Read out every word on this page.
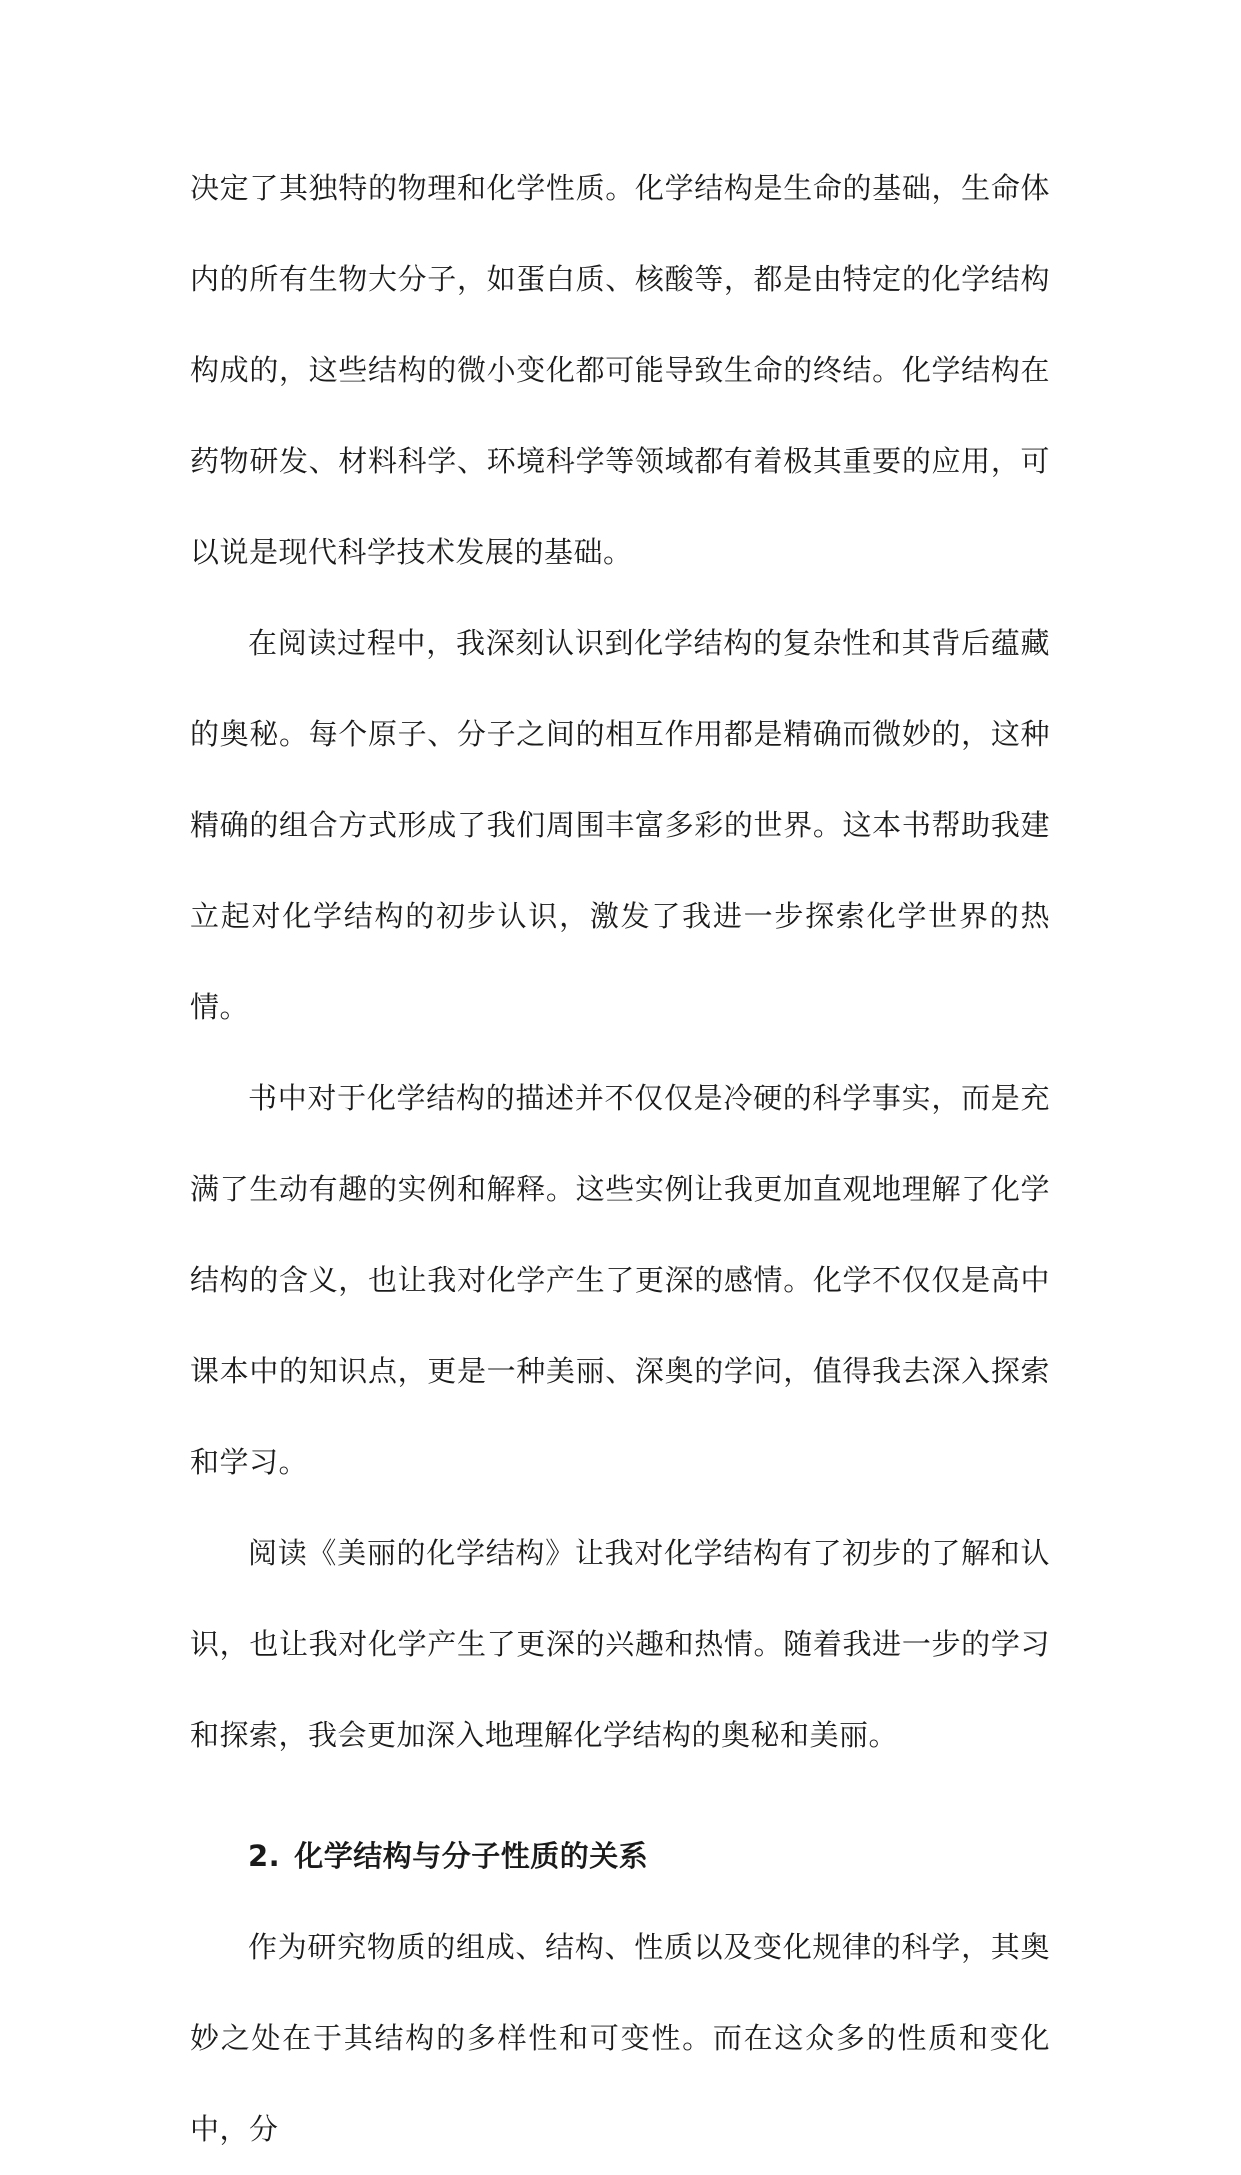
决定了其独特的物理和化学性质。化学结构是生命的基础，生命体内的所有生物大分子，如蛋白质、核酸等，都是由特定的化学结构构成的，这些结构的微小变化都可能导致生命的终结。化学结构在药物研发、材料科学、环境科学等领域都有着极其重要的应用，可以说是现代科学技术发展的基础。

在阅读过程中，我深刻认识到化学结构的复杂性和其背后蕴藏的奥秘。每个原子、分子之间的相互作用都是精确而微妙的，这种精确的组合方式形成了我们周围丰富多彩的世界。这本书帮助我建立起对化学结构的初步认识，激发了我进一步探索化学世界的热情。

书中对于化学结构的描述并不仅仅是冷硬的科学事实，而是充满了生动有趣的实例和解释。这些实例让我更加直观地理解了化学结构的含义，也让我对化学产生了更深的感情。化学不仅仅是高中课本中的知识点，更是一种美丽、深奥的学问，值得我去深入探索和学习。

阅读《美丽的化学结构》让我对化学结构有了初步的了解和认识，也让我对化学产生了更深的兴趣和热情。随着我进一步的学习和探索，我会更加深入地理解化学结构的奥秘和美丽。

2. 化学结构与分子性质的关系

作为研究物质的组成、结构、性质以及变化规律的科学，其奥妙之处在于其结构的多样性和可变性。而在这众多的性质和变化中，分
